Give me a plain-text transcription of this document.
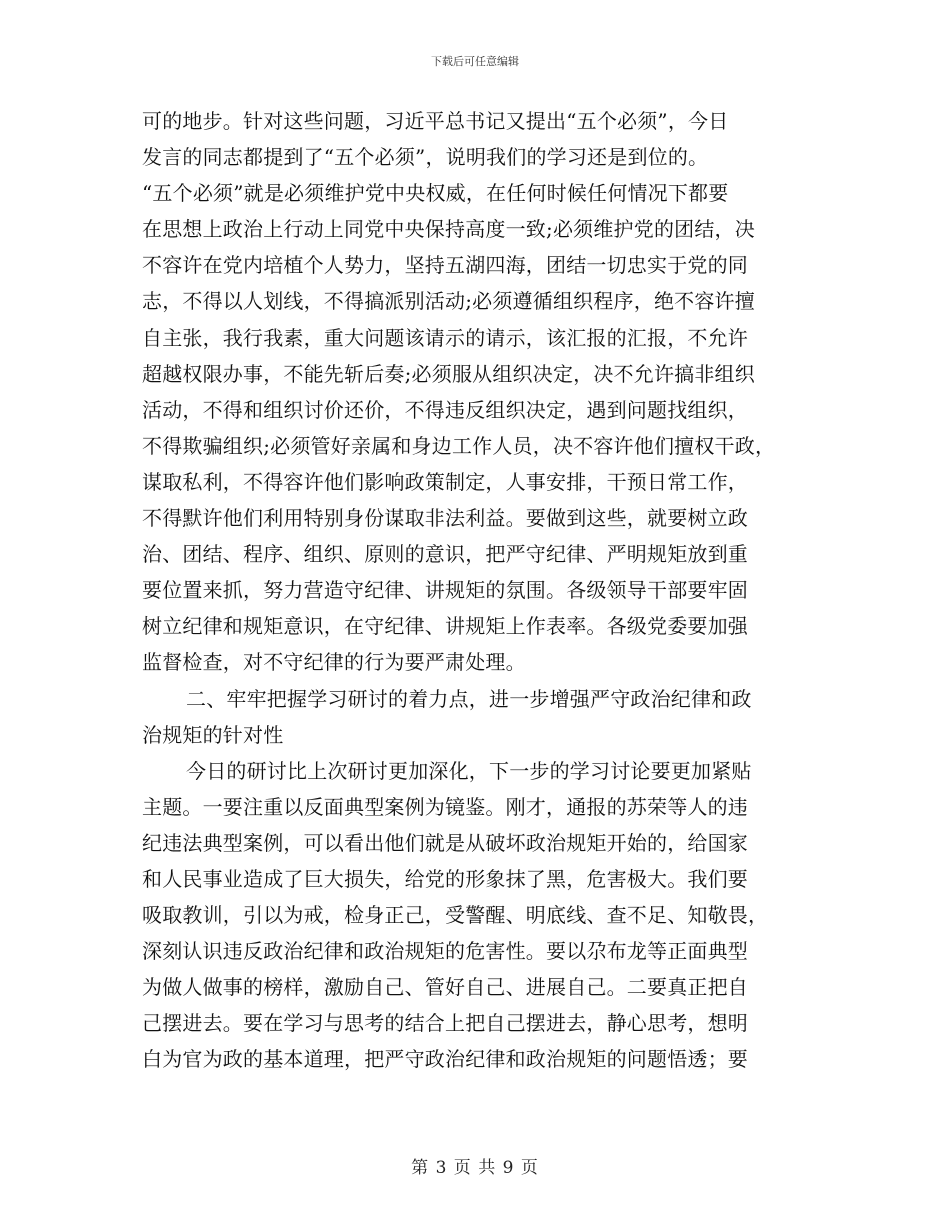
下载后可任意编辑
可的地步。针对这些问题，习近平总书记又提出“五个必须”，今日
发言的同志都提到了“五个必须”，说明我们的学习还是到位的。
“五个必须”就是必须维护党中央权威，在任何时候任何情况下都要
在思想上政治上行动上同党中央保持高度一致;必须维护党的团结，决
不容许在党内培植个人势力，坚持五湖四海，团结一切忠实于党的同
志，不得以人划线，不得搞派别活动;必须遵循组织程序，绝不容许擅
自主张，我行我素，重大问题该请示的请示，该汇报的汇报，不允许
超越权限办事，不能先斩后奏;必须服从组织决定，决不允许搞非组织
活动，不得和组织讨价还价，不得违反组织决定，遇到问题找组织，
不得欺骗组织;必须管好亲属和身边工作人员，决不容许他们擅权干政，
谋取私利，不得容许他们影响政策制定，人事安排，干预日常工作，
不得默许他们利用特别身份谋取非法利益。要做到这些，就要树立政
治、团结、程序、组织、原则的意识，把严守纪律、严明规矩放到重
要位置来抓，努力营造守纪律、讲规矩的氛围。各级领导干部要牢固
树立纪律和规矩意识，在守纪律、讲规矩上作表率。各级党委要加强
监督检查，对不守纪律的行为要严肃处理。
二、牢牢把握学习研讨的着力点，进一步增强严守政治纪律和政
治规矩的针对性
今日的研讨比上次研讨更加深化，下一步的学习讨论要更加紧贴
主题。一要注重以反面典型案例为镜鉴。刚才，通报的苏荣等人的违
纪违法典型案例，可以看出他们就是从破坏政治规矩开始的，给国家
和人民事业造成了巨大损失，给党的形象抹了黑，危害极大。我们要
吸取教训，引以为戒，检身正己，受警醒、明底线、查不足、知敬畏，
深刻认识违反政治纪律和政治规矩的危害性。要以尕布龙等正面典型
为做人做事的榜样，激励自己、管好自己、进展自己。二要真正把自
己摆进去。要在学习与思考的结合上把自己摆进去，静心思考，想明
白为官为政的基本道理，把严守政治纪律和政治规矩的问题悟透；要
第 3 页 共 9 页
